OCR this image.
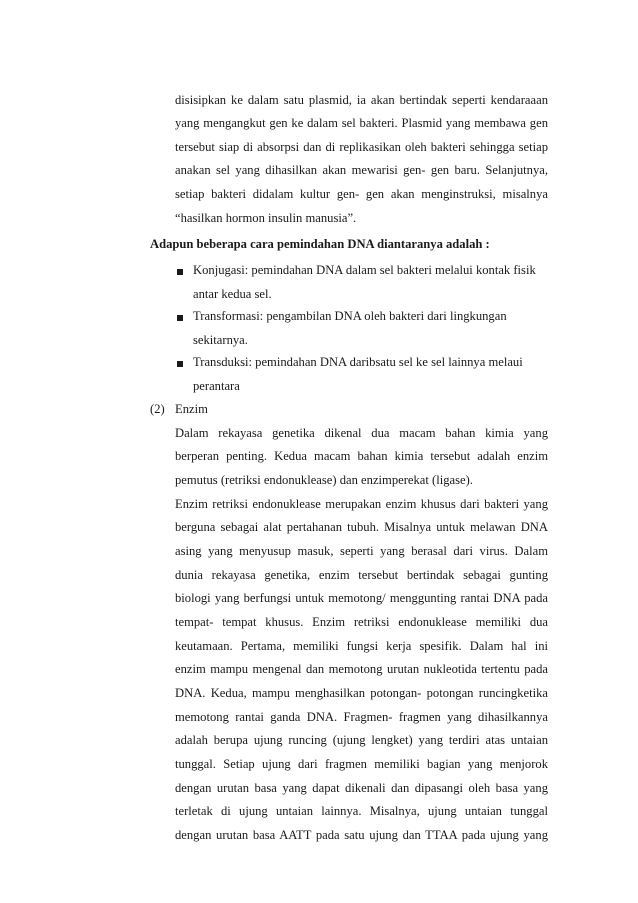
disisipkan ke dalam satu plasmid, ia akan bertindak seperti kendaraaan
yang mengangkut gen ke dalam sel bakteri. Plasmid yang membawa gen
tersebut siap di absorpsi dan di replikasikan oleh bakteri sehingga setiap
anakan sel yang dihasilkan akan mewarisi gen- gen baru. Selanjutnya,
setiap bakteri didalam kultur gen- gen akan menginstruksi, misalnya
“hasilkan hormon insulin manusia”.
Adapun beberapa cara pemindahan DNA diantaranya adalah :
Konjugasi: pemindahan DNA dalam sel bakteri melalui kontak fisik
antar kedua sel.
Transformasi: pengambilan DNA oleh bakteri dari lingkungan
sekitarnya.
Transduksi: pemindahan DNA daribsatu sel ke sel lainnya melaui
perantara
(2) Enzim
Dalam rekayasa genetika dikenal dua macam bahan kimia yang
berperan penting. Kedua macam bahan kimia tersebut adalah enzim
pemutus (retriksi endonuklease) dan enzimperekat (ligase).
Enzim retriksi endonuklease merupakan enzim khusus dari bakteri yang
berguna sebagai alat pertahanan tubuh. Misalnya untuk melawan DNA
asing yang menyusup masuk, seperti yang berasal dari virus. Dalam
dunia rekayasa genetika, enzim tersebut bertindak sebagai gunting
biologi yang berfungsi untuk memotong/ menggunting rantai DNA pada
tempat- tempat khusus. Enzim retriksi endonuklease memiliki dua
keutamaan. Pertama, memiliki fungsi kerja spesifik. Dalam hal ini
enzim mampu mengenal dan memotong urutan nukleotida tertentu pada
DNA. Kedua, mampu menghasilkan potongan- potongan runcingketika
memotong rantai ganda DNA. Fragmen- fragmen yang dihasilkannya
adalah berupa ujung runcing (ujung lengket) yang terdiri atas untaian
tunggal. Setiap ujung dari fragmen memiliki bagian yang menjorok
dengan urutan basa yang dapat dikenali dan dipasangi oleh basa yang
terletak di ujung untaian lainnya. Misalnya, ujung untaian tunggal
dengan urutan basa AATT pada satu ujung dan TTAA pada ujung yang
